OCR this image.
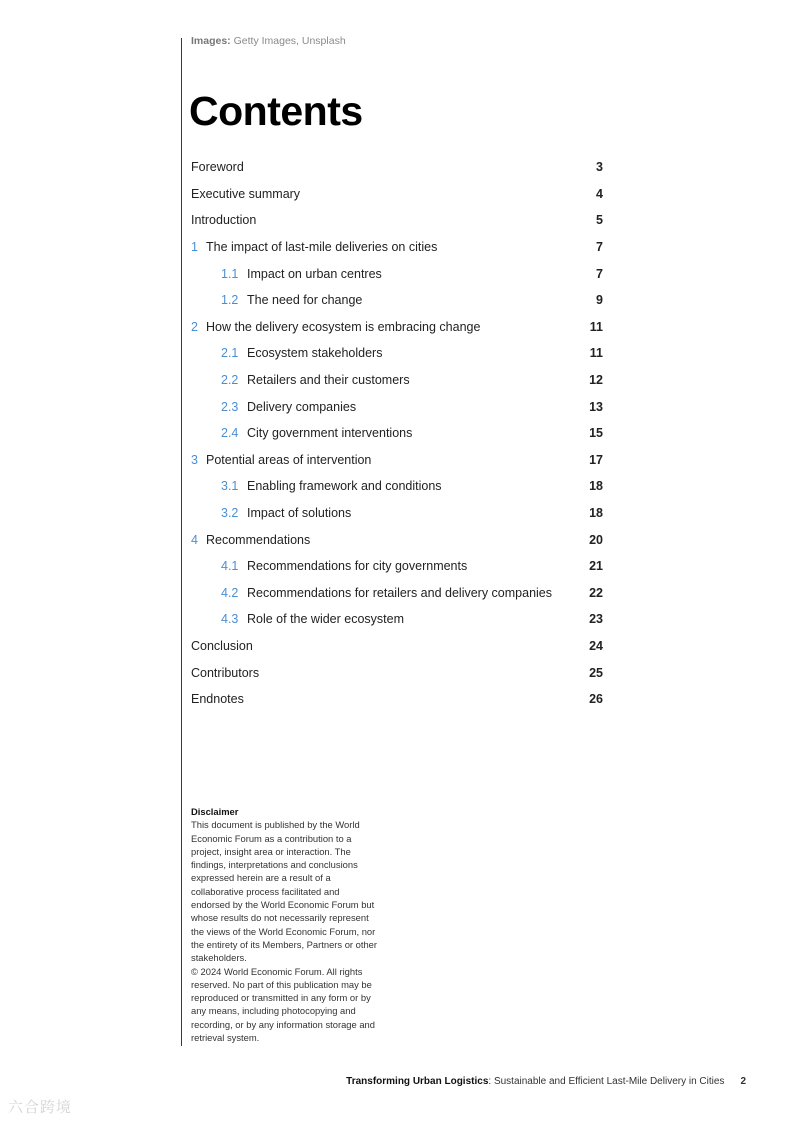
Images: Getty Images, Unsplash
Contents
Foreword	3
Executive summary	4
Introduction	5
1 The impact of last-mile deliveries on cities	7
1.1 Impact on urban centres	7
1.2 The need for change	9
2 How the delivery ecosystem is embracing change	11
2.1 Ecosystem stakeholders	11
2.2 Retailers and their customers	12
2.3 Delivery companies	13
2.4 City government interventions	15
3 Potential areas of intervention	17
3.1 Enabling framework and conditions	18
3.2 Impact of solutions	18
4 Recommendations	20
4.1 Recommendations for city governments	21
4.2 Recommendations for retailers and delivery companies	22
4.3 Role of the wider ecosystem	23
Conclusion	24
Contributors	25
Endnotes	26

Disclaimer

This document is published by the World Economic Forum as a contribution to a project, insight area or interaction. The findings, interpretations and conclusions expressed herein are a result of a collaborative process facilitated and endorsed by the World Economic Forum but whose results do not necessarily represent the views of the World Economic Forum, nor the entirety of its Members, Partners or other stakeholders.

© 2024 World Economic Forum. All rights reserved. No part of this publication may be reproduced or transmitted in any form or by any means, including photocopying and recording, or by any information storage and retrieval system.

Transforming Urban Logistics: Sustainable and Efficient Last-Mile Delivery in Cities 2
六合跨境
